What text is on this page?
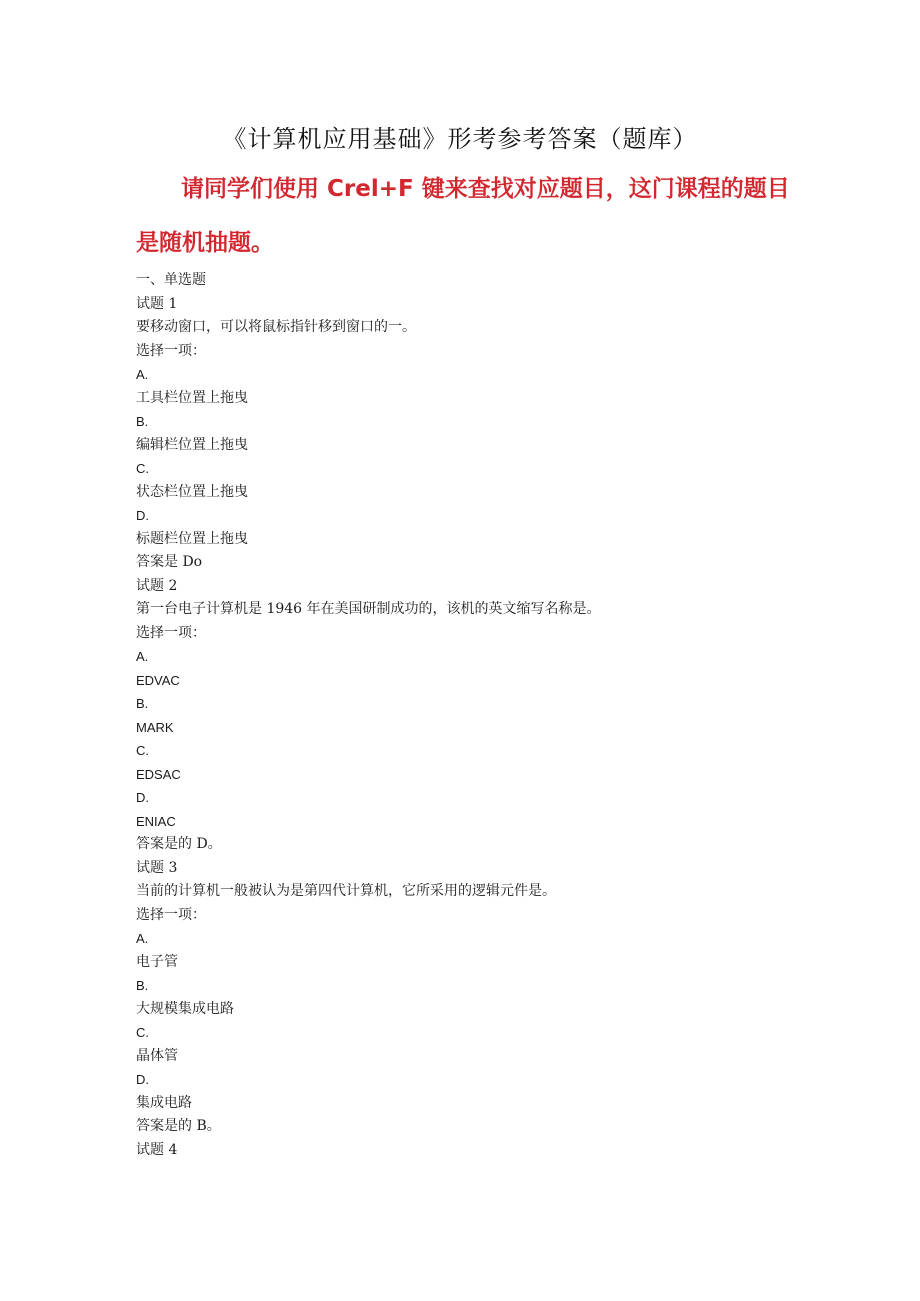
《计算机应用基础》形考参考答案（题库）
请同学们使用 Crel+F 键来查找对应题目，这门课程的题目
是随机抽题。
一、单选题
试题 1
要移动窗口，可以将鼠标指针移到窗口的一。
选择一项：
A.
工具栏位置上拖曳
B.
编辑栏位置上拖曳
C.
状态栏位置上拖曳
D.
标题栏位置上拖曳
答案是 Do
试题 2
第一台电子计算机是 1946 年在美国研制成功的，该机的英文缩写名称是。
选择一项：
A.
EDVAC
B.
MARK
C.
EDSAC
D.
ENIAC
答案是的 D。
试题 3
当前的计算机一般被认为是第四代计算机，它所采用的逻辑元件是。
选择一项：
A.
电子管
B.
大规模集成电路
C.
晶体管
D.
集成电路
答案是的 B。
试题 4
